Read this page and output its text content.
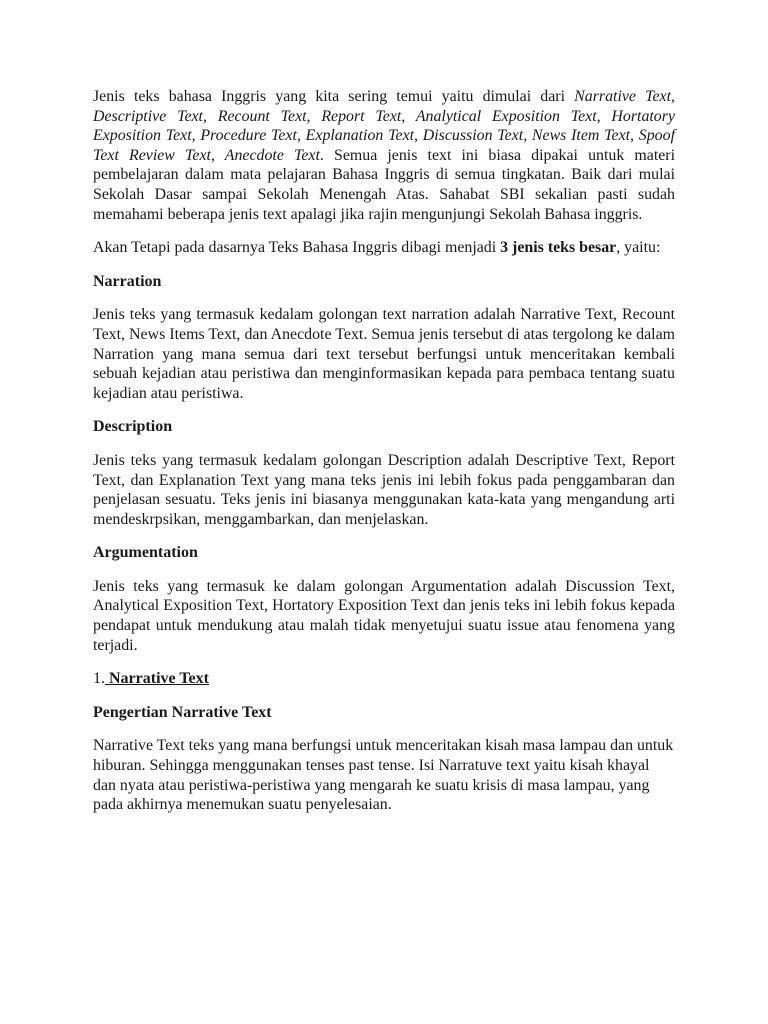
Jenis teks bahasa Inggris yang kita sering temui yaitu dimulai dari Narrative Text, Descriptive Text, Recount Text, Report Text, Analytical Exposition Text, Hortatory Exposition Text, Procedure Text, Explanation Text, Discussion Text, News Item Text, Spoof Text Review Text, Anecdote Text. Semua jenis text ini biasa dipakai untuk materi pembelajaran dalam mata pelajaran Bahasa Inggris di semua tingkatan. Baik dari mulai Sekolah Dasar sampai Sekolah Menengah Atas. Sahabat SBI sekalian pasti sudah memahami beberapa jenis text apalagi jika rajin mengunjungi Sekolah Bahasa inggris.

Akan Tetapi pada dasarnya Teks Bahasa Inggris dibagi menjadi 3 jenis teks besar, yaitu:

Narration

Jenis teks yang termasuk kedalam golongan text narration adalah Narrative Text, Recount Text, News Items Text, dan Anecdote Text. Semua jenis tersebut di atas tergolong ke dalam Narration yang mana semua dari text tersebut berfungsi untuk menceritakan kembali sebuah kejadian atau peristiwa dan menginformasikan kepada para pembaca tentang suatu kejadian atau peristiwa.

Description

Jenis teks yang termasuk kedalam golongan Description adalah Descriptive Text, Report Text, dan Explanation Text yang mana teks jenis ini lebih fokus pada penggambaran dan penjelasan sesuatu. Teks jenis ini biasanya menggunakan kata-kata yang mengandung arti mendeskrpsikan, menggambarkan, dan menjelaskan.

Argumentation

Jenis teks yang termasuk ke dalam golongan Argumentation adalah Discussion Text, Analytical Exposition Text, Hortatory Exposition Text dan jenis teks ini lebih fokus kepada pendapat untuk mendukung atau malah tidak menyetujui suatu issue atau fenomena yang terjadi.

1. Narrative Text
Pengertian Narrative Text

Narrative Text teks yang mana berfungsi untuk menceritakan kisah masa lampau dan untuk hiburan. Sehingga menggunakan tenses past tense. Isi Narratuve text yaitu kisah khayal dan nyata atau peristiwa-peristiwa yang mengarah ke suatu krisis di masa lampau, yang pada akhirnya menemukan suatu penyelesaian.
